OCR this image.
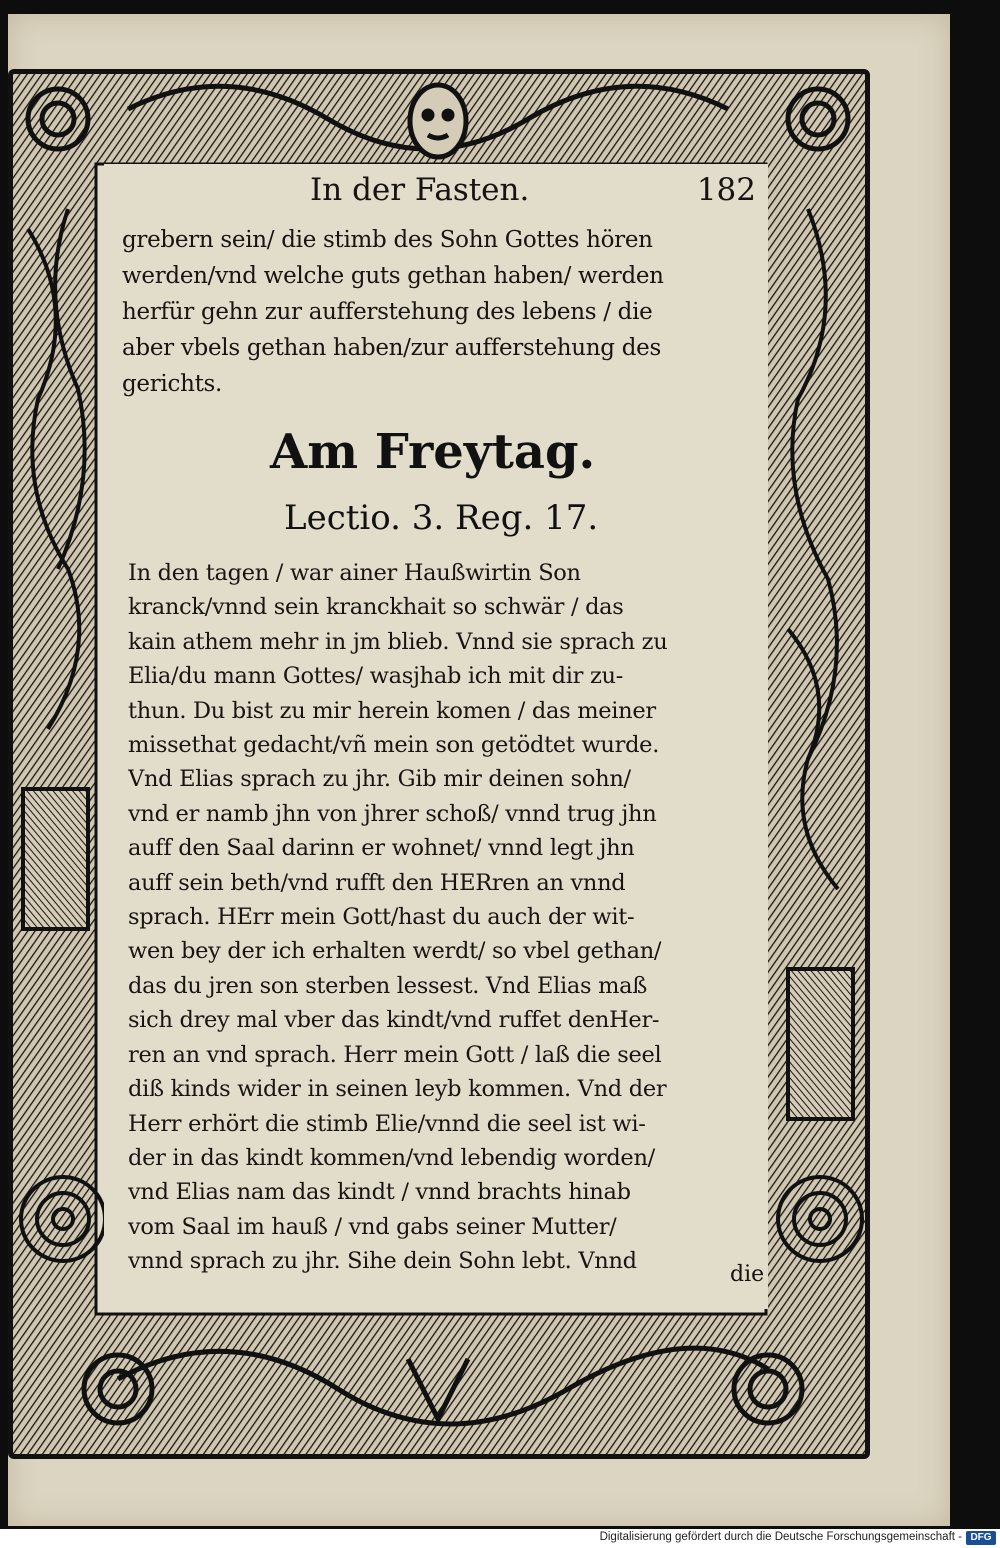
In der Fasten.	182
grebern sein/ die stimb des Sohn Gottes hören
werden/vnd welche guts gethan haben/ werden
herfür gehn zur aufferstehung des lebens / die
aber vbels gethan haben/zur aufferstehung des
gerichts.
Am Freytag.
Lectio. 3. Reg. 17.
In den tagen / war ainer Haußwirtin Son
kranck/vnnd sein kranckhait so schwär / das
kain athem mehr in jm blieb. Vnnd sie sprach zu
Elia/du mann Gottes/ wasjhab ich mit dir zu-
thun. Du bist zu mir herein komen / das meiner
missethat gedacht/vñ mein son getödtet wurde.
Vnd Elias sprach zu jhr. Gib mir deinen sohn/
vnd er namb jhn von jhrer schoß/ vnnd trug jhn
auff den Saal darinn er wohnet/ vnnd legt jhn
auff sein beth/vnd rufft den HERren an vnnd
sprach. HErr mein Gott/hast du auch der wit-
wen bey der ich erhalten werdt/ so vbel gethan/
das du jren son sterben lessest. Vnd Elias maß
sich drey mal vber das kindt/vnd ruffet denHer-
ren an vnd sprach. Herr mein Gott / laß die seel
diß kinds wider in seinen leyb kommen. Vnd der
Herr erhört die stimb Elie/vnnd die seel ist wi-
der in das kindt kommen/vnd lebendig worden/
vnd Elias nam das kindt / vnnd brachts hinab
vom Saal im hauß / vnd gabs seiner Mutter/
vnnd sprach zu jhr. Sihe dein Sohn lebt. Vnnd
die
Digitalisierung gefördert durch die Deutsche Forschungsgemeinschaft - DFG
